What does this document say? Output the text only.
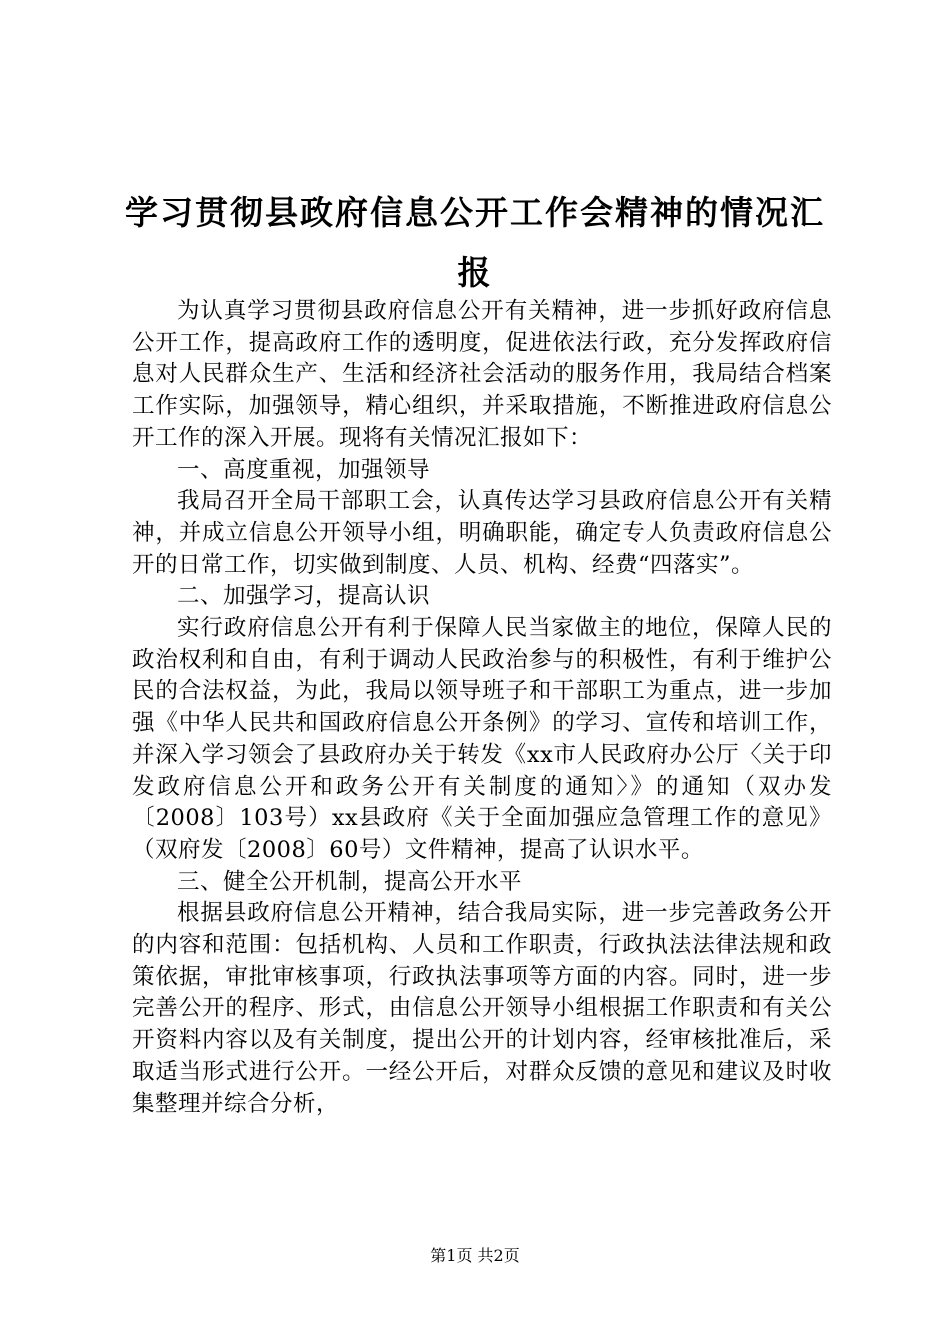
学习贯彻县政府信息公开工作会精神的情况汇报

为认真学习贯彻县政府信息公开有关精神，进一步抓好政府信息公开工作，提高政府工作的透明度，促进依法行政，充分发挥政府信息对人民群众生产、生活和经济社会活动的服务作用，我局结合档案工作实际，加强领导，精心组织，并采取措施，不断推进政府信息公开工作的深入开展。现将有关情况汇报如下：

一、高度重视，加强领导

我局召开全局干部职工会，认真传达学习县政府信息公开有关精神，并成立信息公开领导小组，明确职能，确定专人负责政府信息公开的日常工作，切实做到制度、人员、机构、经费“四落实”。

二、加强学习，提高认识

实行政府信息公开有利于保障人民当家做主的地位，保障人民的政治权利和自由，有利于调动人民政治参与的积极性，有利于维护公民的合法权益，为此，我局以领导班子和干部职工为重点，进一步加强《中华人民共和国政府信息公开条例》的学习、宣传和培训工作，并深入学习领会了县政府办关于转发《xx市人民政府办公厅〈关于印发政府信息公开和政务公开有关制度的通知〉》的通知（双办发〔2008〕103号）xx县政府《关于全面加强应急管理工作的意见》（双府发〔2008〕60号）文件精神，提高了认识水平。

三、健全公开机制，提高公开水平

根据县政府信息公开精神，结合我局实际，进一步完善政务公开的内容和范围：包括机构、人员和工作职责，行政执法法律法规和政策依据，审批审核事项，行政执法事项等方面的内容。同时，进一步完善公开的程序、形式，由信息公开领导小组根据工作职责和有关公开资料内容以及有关制度，提出公开的计划内容，经审核批准后，采取适当形式进行公开。一经公开后，对群众反馈的意见和建议及时收集整理并综合分析，

第1页 共2页
